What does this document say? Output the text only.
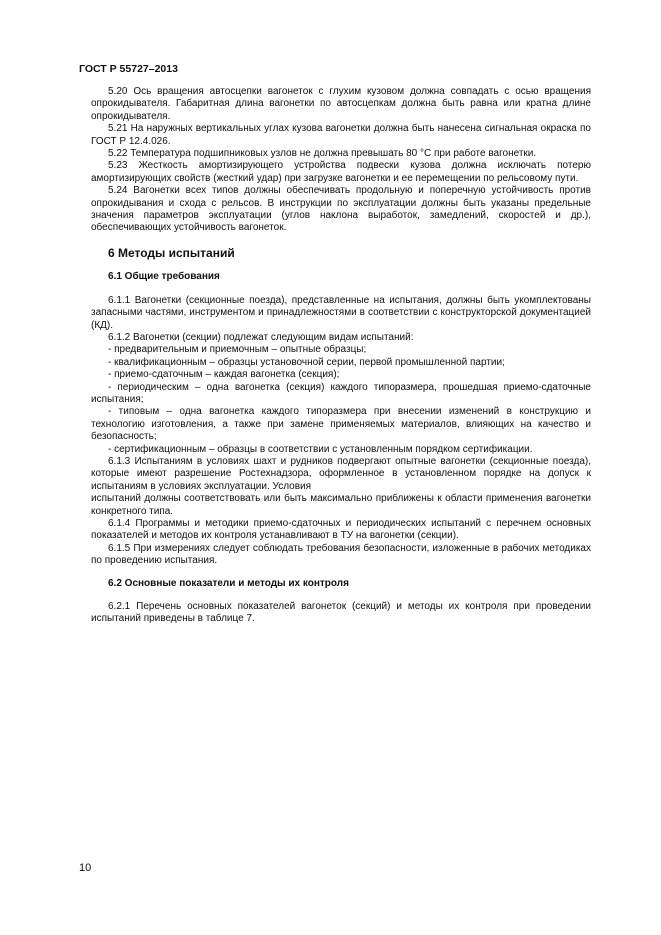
ГОСТ Р 55727–2013

5.20 Ось вращения автосцепки вагонеток с глухим кузовом должна совпадать с осью вращения опрокидывателя. Габаритная длина вагонетки по автосцепкам должна быть равна или кратна длине опрокидывателя.

5.21 На наружных вертикальных углах кузова вагонетки должна быть нанесена сигнальная окраска по ГОСТ Р 12.4.026.

5.22 Температура подшипниковых узлов не должна превышать 80 °С при работе вагонетки.

5.23 Жесткость амортизирующего устройства подвески кузова должна исключать потерю амортизирующих свойств (жесткий удар) при загрузке вагонетки и ее перемещении по рельсовому пути.

5.24 Вагонетки всех типов должны обеспечивать продольную и поперечную устойчивость против опрокидывания и схода с рельсов. В инструкции по эксплуатации должны быть указаны предельные значения параметров эксплуатации (углов наклона выработок, замедлений, скоростей и др.), обеспечивающих устойчивость вагонеток.

6 Методы испытаний
6.1 Общие требования

6.1.1 Вагонетки (секционные поезда), представленные на испытания, должны быть укомплектованы запасными частями, инструментом и принадлежностями в соответствии с конструкторской документацией (КД).

6.1.2 Вагонетки (секции) подлежат следующим видам испытаний:

- предварительным и приемочным – опытные образцы;

- квалификационным – образцы установочной серии, первой промышленной партии;

- приемо-сдаточным – каждая вагонетка (секция);

- периодическим – одна вагонетка (секция) каждого типоразмера, прошедшая приемо-сдаточные испытания;

- типовым – одна вагонетка каждого типоразмера при внесении изменений в конструкцию и технологию изготовления, а также при замене применяемых материалов, влияющих на качество и безопасность;

- сертификационным – образцы в соответствии с установленным порядком сертификации.

6.1.3 Испытаниям в условиях шахт и рудников подвергают опытные вагонетки (секционные поезда), которые имеют разрешение Ростехнадзора, оформленное в установленном порядке на допуск к испытаниям в условиях эксплуатации. Условия

испытаний должны соответствовать или быть максимально приближены к области применения вагонетки конкретного типа.

6.1.4 Программы и методики приемо-сдаточных и периодических испытаний с перечнем основных показателей и методов их контроля устанавливают в ТУ на вагонетки (секции).

6.1.5 При измерениях следует соблюдать требования безопасности, изложенные в рабочих методиках по проведению испытания.

6.2 Основные показатели и методы их контроля

6.2.1 Перечень основных показателей вагонеток (секций) и методы их контроля при проведении испытаний приведены в таблице 7.

10
